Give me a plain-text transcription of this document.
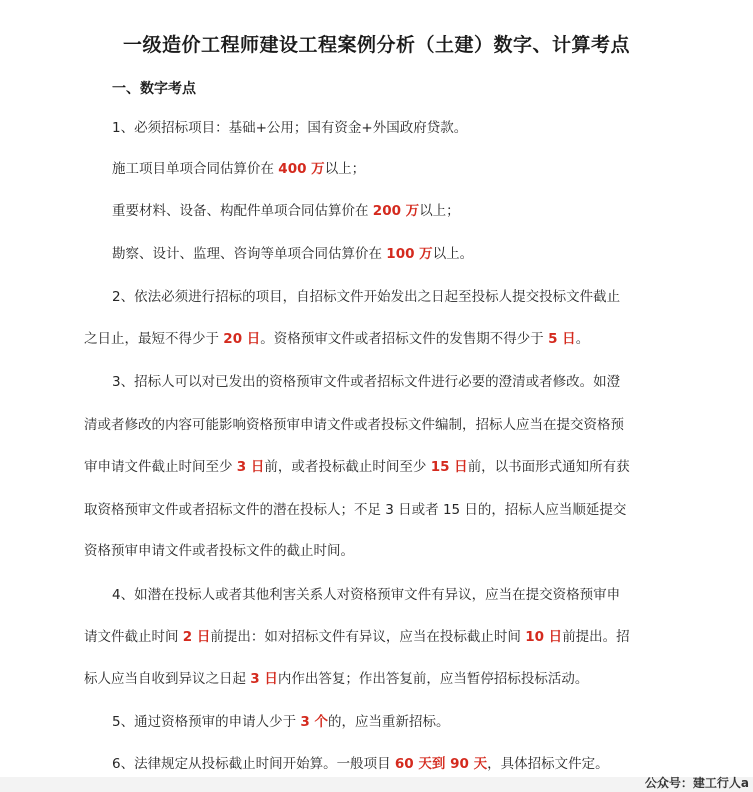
一级造价工程师建设工程案例分析（土建）数字、计算考点
一、数字考点
1、必须招标项目：基础+公用；国有资金+外国政府贷款。
施工项目单项合同估算价在 400 万以上；
重要材料、设备、构配件单项合同估算价在 200 万以上；
勘察、设计、监理、咨询等单项合同估算价在 100 万以上。
2、依法必须进行招标的项目，自招标文件开始发出之日起至投标人提交投标文件截止
之日止，最短不得少于 20 日。资格预审文件或者招标文件的发售期不得少于 5 日。
3、招标人可以对已发出的资格预审文件或者招标文件进行必要的澄清或者修改。如澄
清或者修改的内容可能影响资格预审申请文件或者投标文件编制，招标人应当在提交资格预
审申请文件截止时间至少 3 日前，或者投标截止时间至少 15 日前，以书面形式通知所有获
取资格预审文件或者招标文件的潜在投标人；不足 3 日或者 15 日的，招标人应当顺延提交
资格预审申请文件或者投标文件的截止时间。
4、如潜在投标人或者其他利害关系人对资格预审文件有异议，应当在提交资格预审申
请文件截止时间 2 日前提出：如对招标文件有异议，应当在投标截止时间 10 日前提出。招
标人应当自收到异议之日起 3 日内作出答复；作出答复前，应当暂停招标投标活动。
5、通过资格预审的申请人少于 3 个的，应当重新招标。
6、法律规定从投标截止时间开始算。一般项目 60 天到 90 天，具体招标文件定。
公众号：建工行人a
